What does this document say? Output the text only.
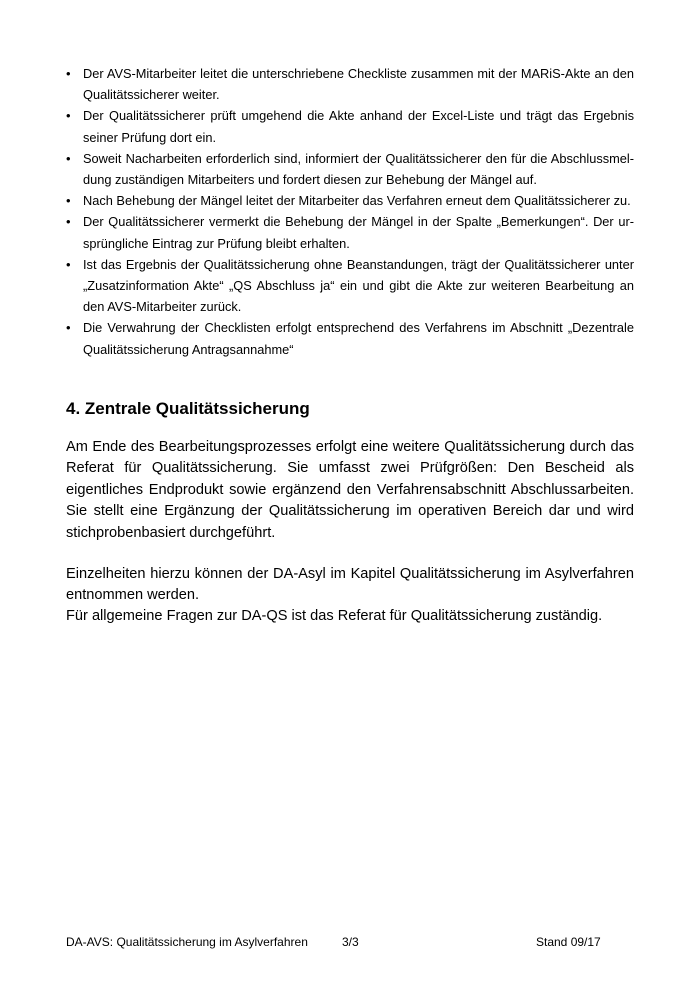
• Der AVS-Mitarbeiter leitet die unterschriebene Checkliste zusammen mit der MARiS-Akte an den Qualitätssicherer weiter.
• Der Qualitätssicherer prüft umgehend die Akte anhand der Excel-Liste und trägt das Ergebnis seiner Prüfung dort ein.
• Soweit Nacharbeiten erforderlich sind, informiert der Qualitätssicherer den für die Abschlussmeldung zuständigen Mitarbeiters und fordert diesen zur Behebung der Mängel auf.
• Nach Behebung der Mängel leitet der Mitarbeiter das Verfahren erneut dem Qualitätssicherer zu.
• Der Qualitätssicherer vermerkt die Behebung der Mängel in der Spalte „Bemerkungen“. Der ursprüngliche Eintrag zur Prüfung bleibt erhalten.
• Ist das Ergebnis der Qualitätssicherung ohne Beanstandungen, trägt der Qualitätssicherer unter „Zusatzinformation Akte“ „QS Abschluss ja“ ein und gibt die Akte zur weiteren Bearbeitung an den AVS-Mitarbeiter zurück.
• Die Verwahrung der Checklisten erfolgt entsprechend des Verfahrens im Abschnitt „Dezentrale Qualitätssicherung Antragsannahme“
4. Zentrale Qualitätssicherung

Am Ende des Bearbeitungsprozesses erfolgt eine weitere Qualitätssicherung durch das Referat für Qualitätssicherung. Sie umfasst zwei Prüfgrößen: Den Bescheid als eigentliches Endprodukt sowie ergänzend den Verfahrensabschnitt Abschlussarbeiten. Sie stellt eine Ergänzung der Qualitätssicherung im operativen Bereich dar und wird stichprobenbasiert durchgeführt.

Einzelheiten hierzu können der DA-Asyl im Kapitel Qualitätssicherung im Asylverfahren entnommen werden.

Für allgemeine Fragen zur DA-QS ist das Referat für Qualitätssicherung zuständig.

DA-AVS: Qualitätssicherung im Asylverfahren	3/3	Stand 09/17
